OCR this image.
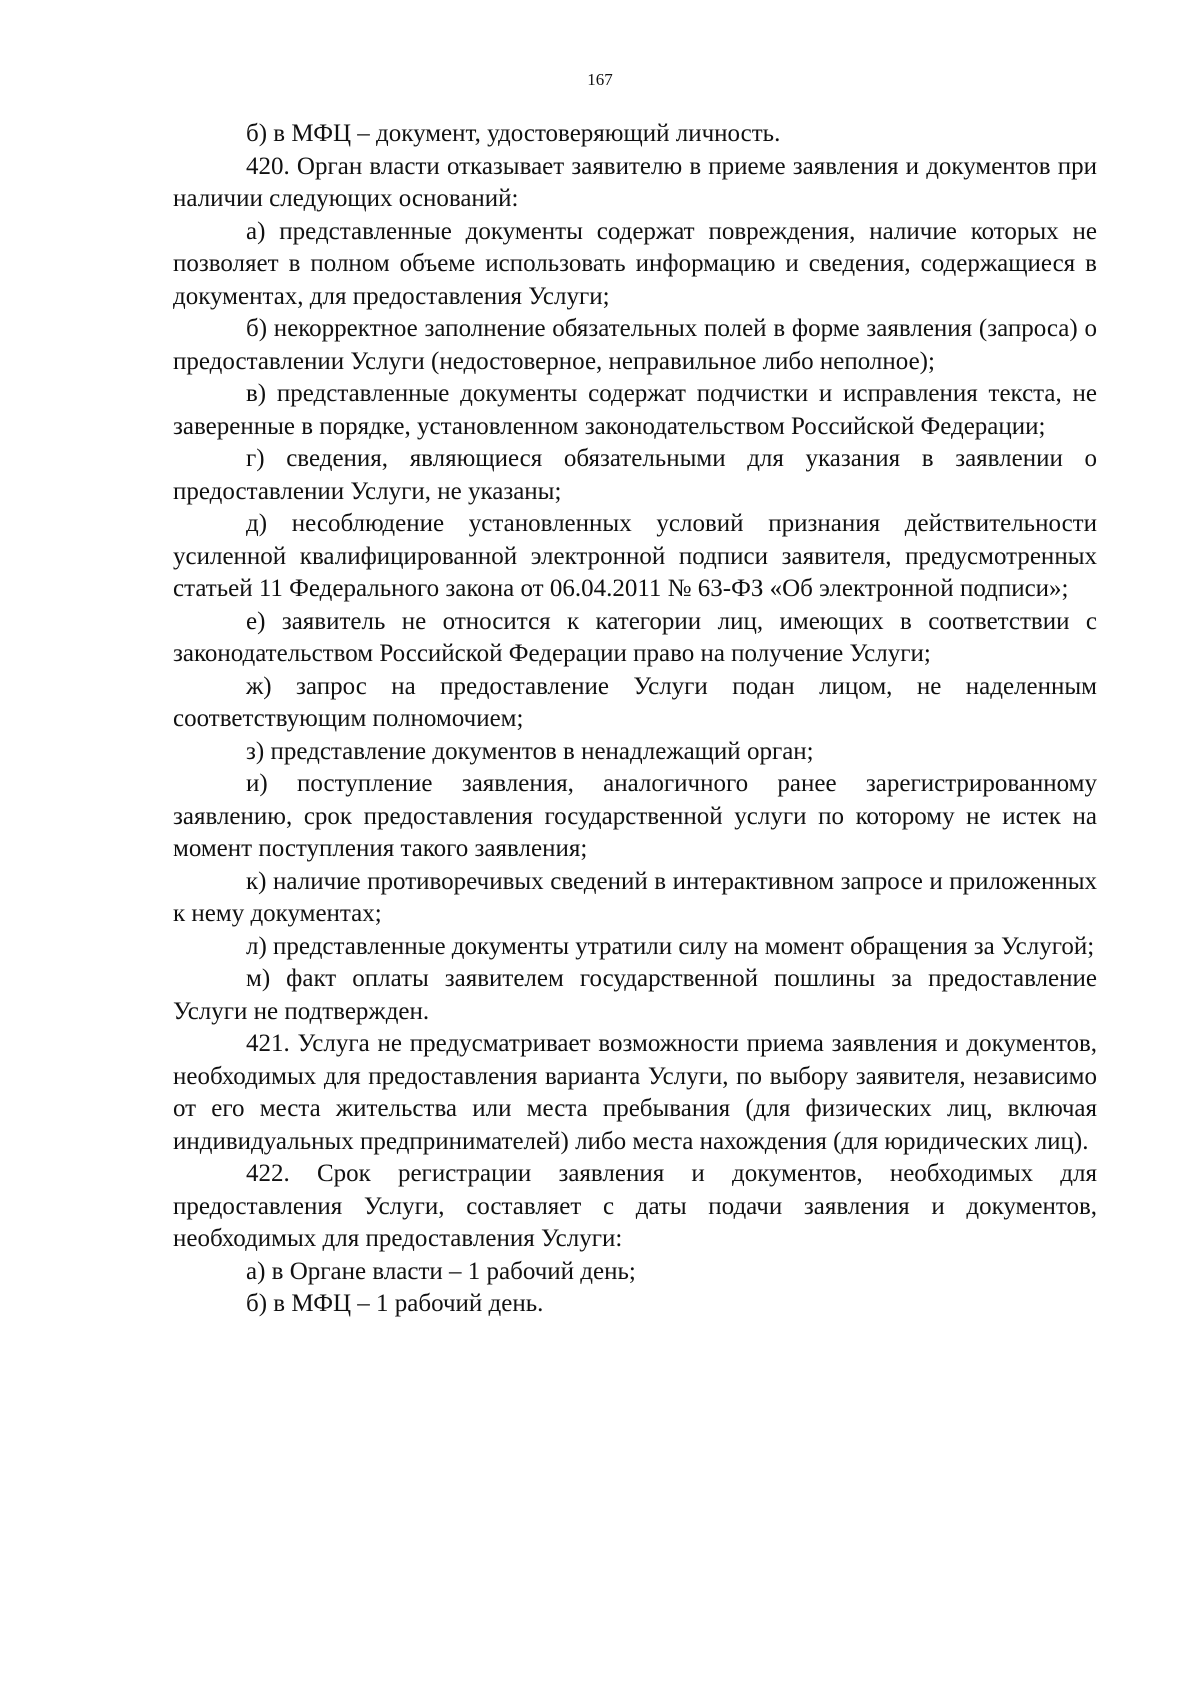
167

б) в МФЦ – документ, удостоверяющий личность.

420. Орган власти отказывает заявителю в приеме заявления и документов при наличии следующих оснований:

а) представленные документы содержат повреждения, наличие которых не позволяет в полном объеме использовать информацию и сведения, содержащиеся в документах, для предоставления Услуги;

б) некорректное заполнение обязательных полей в форме заявления (запроса) о предоставлении Услуги (недостоверное, неправильное либо неполное);

в) представленные документы содержат подчистки и исправления текста, не заверенные в порядке, установленном законодательством Российской Федерации;

г) сведения, являющиеся обязательными для указания в заявлении о предоставлении Услуги, не указаны;

д) несоблюдение установленных условий признания действительности усиленной квалифицированной электронной подписи заявителя, предусмотренных статьей 11 Федерального закона от 06.04.2011 № 63-ФЗ «Об электронной подписи»;

е) заявитель не относится к категории лиц, имеющих в соответствии с законодательством Российской Федерации право на получение Услуги;

ж) запрос на предоставление Услуги подан лицом, не наделенным соответствующим полномочием;

з) представление документов в ненадлежащий орган;

и) поступление заявления, аналогичного ранее зарегистрированному заявлению, срок предоставления государственной услуги по которому не истек на момент поступления такого заявления;

к) наличие противоречивых сведений в интерактивном запросе и приложенных к нему документах;

л) представленные документы утратили силу на момент обращения за Услугой;

м) факт оплаты заявителем государственной пошлины за предоставление Услуги не подтвержден.

421. Услуга не предусматривает возможности приема заявления и документов, необходимых для предоставления варианта Услуги, по выбору заявителя, независимо от его места жительства или места пребывания (для физических лиц, включая индивидуальных предпринимателей) либо места нахождения (для юридических лиц).

422. Срок регистрации заявления и документов, необходимых для предоставления Услуги, составляет с даты подачи заявления и документов, необходимых для предоставления Услуги:

а) в Органе власти – 1 рабочий день;

б) в МФЦ – 1 рабочий день.
